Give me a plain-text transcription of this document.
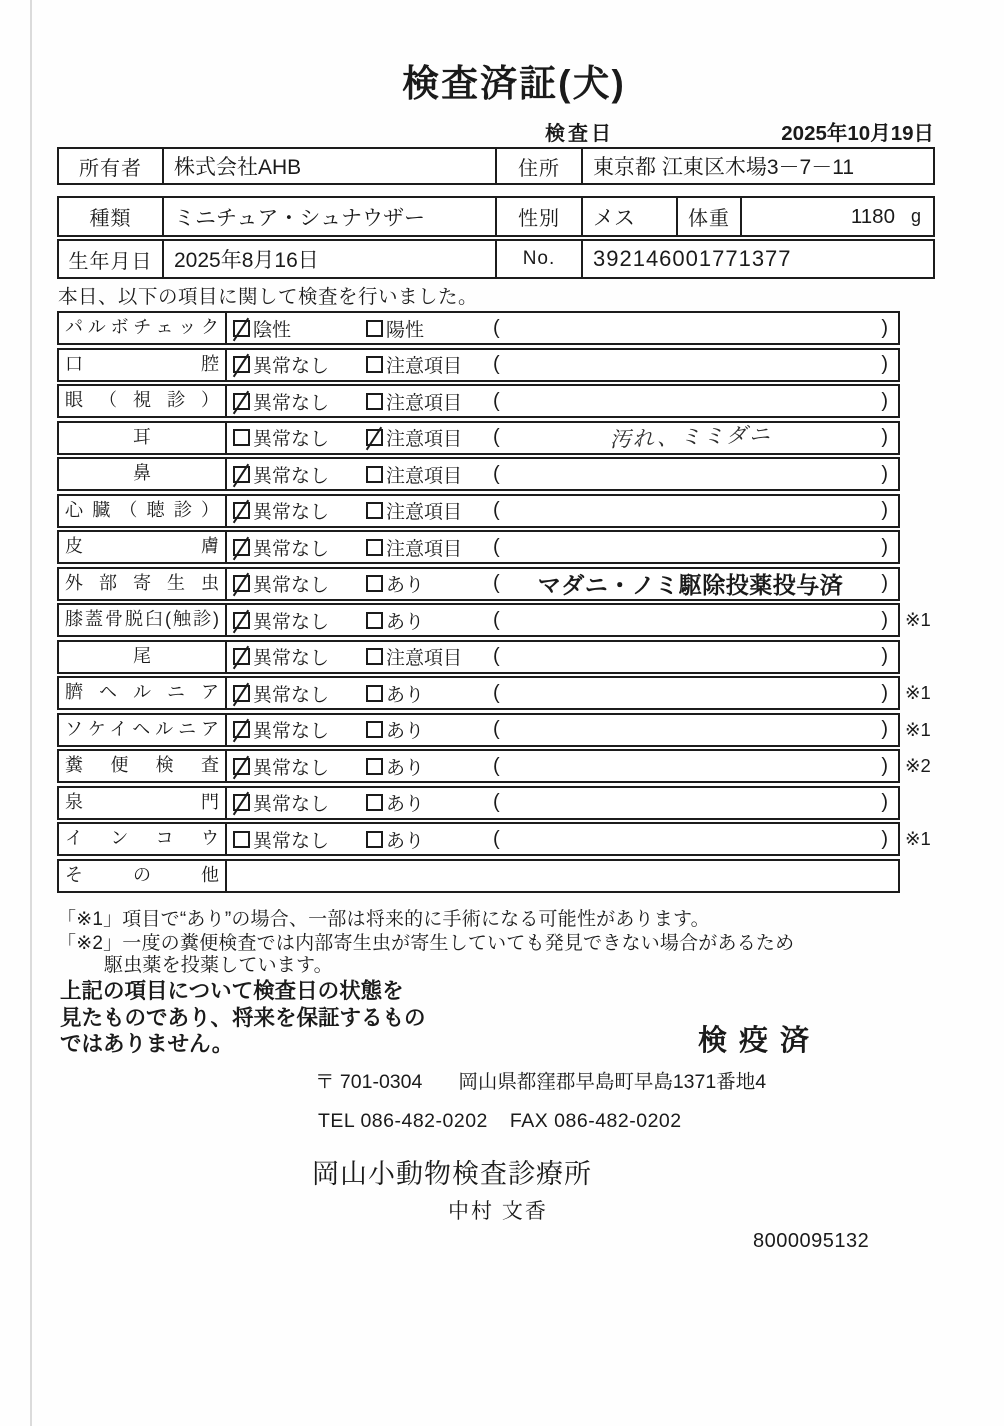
検査済証(犬)
検査日	2025年10月19日
所有者	株式会社AHB	住所	東京都 江東区木場3－7－11
種類	ミニチュア・シュナウザー	性別	メス	体重	1180 g
生年月日	2025年8月16日	No.	392146001771377
本日、以下の項目に関して検査を行いました。
パルボチェック	陰性	陽性	(	)
口腔	異常なし	注意項目 (	)
眼（視診）	異常なし	注意項目 (	)
耳	異常なし	注意項目 (	汚れ、ミミダニ	)
鼻	異常なし	注意項目 (	)
心臓（聴診）	異常なし	注意項目 (	)
皮膚	異常なし	注意項目 (	)
外部寄生虫	異常なし	あり	(	マダニ・ノミ駆除投薬投与済	)
膝蓋骨脱臼(触診)	異常なし	あり	(	) ※1
尾	異常なし	注意項目 (	)
臍ヘルニア	異常なし	あり	(	) ※1
ソケイヘルニア	異常なし	あり	(	) ※1
糞便検査	異常なし	あり	(	) ※2
泉門	異常なし	あり	(	)
インコウ	異常なし	あり	(	) ※1
その他
「※1」項目で“あり”の場合、一部は将来的に手術になる可能性があります。
「※2」一度の糞便検査では内部寄生虫が寄生していても発見できない場合があるため
駆虫薬を投薬しています。
上記の項目について検査日の状態を
見たものであり、将来を保証するもの
ではありません。	検疫済
〒 701-0304 岡山県都窪郡早島町早島1371番地4
TEL 086-482-0202 FAX 086-482-0202
岡山小動物検査診療所
中村 文香
8000095132
